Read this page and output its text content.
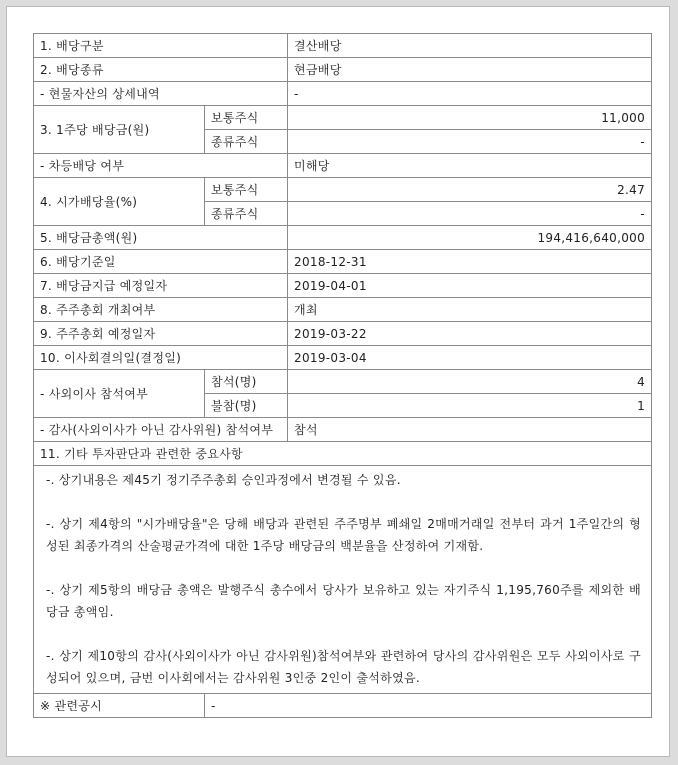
1. 배당구분		결산배당
2. 배당종류		현금배당
- 현물자산의 상세내역		-
3. 1주당 배당금(원)	보통주식	11,000
	종류주식	-
- 차등배당 여부		미해당
4. 시가배당율(%)	보통주식	2.47
	종류주식	-
5. 배당금총액(원)		194,416,640,000
6. 배당기준일		2018-12-31
7. 배당금지급 예정일자		2019-04-01
8. 주주총회 개최여부		개최
9. 주주총회 예정일자		2019-03-22
10. 이사회결의일(결정일)		2019-03-04
- 사외이사 참석여부	참석(명)	4
	불참(명)	1
- 감사(사외이사가 아닌 감사위원) 참석여부		참석
11. 기타 투자판단과 관련한 중요사항		

-. 상기내용은 제45기 정기주주총회 승인과정에서 변경될 수 있음.

-. 상기 제4항의 "시가배당율"은 당해 배당과 관련된 주주명부 폐쇄일 2매매거래일 전부터 과거 1주일간의 형성된 최종가격의 산술평균가격에 대한 1주당 배당금의 백분율을 산정하여 기재함.

-. 상기 제5항의 배당금 총액은 발행주식 총수에서 당사가 보유하고 있는 자기주식 1,195,760주를 제외한 배당금 총액임.

-. 상기 제10항의 감사(사외이사가 아닌 감사위원)참석여부와 관련하여 당사의 감사위원은 모두 사외이사로 구성되어 있으며, 금번 이사회에서는 감사위원 3인중 2인이 출석하였음.		

※ 관련공시	-	
